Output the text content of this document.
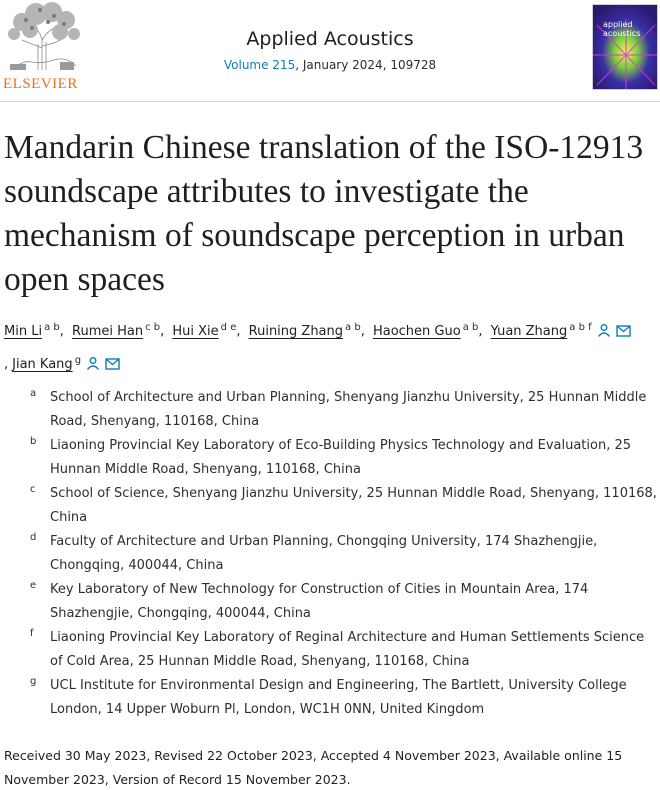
ELSEVIER
Applied Acoustics
Volume 215, January 2024, 109728
applied
acoustics
Mandarin Chinese translation of the ISO-12913 soundscape attributes to investigate the mechanism of soundscape perception in urban open spaces
Min Li $^{a b}$, Rumei Han $^{c b}$, Hui Xie $^{d e}$, Ruining Zhang $^{a b}$, Haochen Guo $^{a b}$, Yuan Zhang $^{a b f}$
, Jian Kang $^g$
a School of Architecture and Urban Planning, Shenyang Jianzhu University, 25 Hunnan Middle Road, Shenyang, 110168, China
b Liaoning Provincial Key Laboratory of Eco-Building Physics Technology and Evaluation, 25 Hunnan Middle Road, Shenyang, 110168, China
c School of Science, Shenyang Jianzhu University, 25 Hunnan Middle Road, Shenyang, 110168, China
d Faculty of Architecture and Urban Planning, Chongqing University, 174 Shazhengjie, Chongqing, 400044, China
e Key Laboratory of New Technology for Construction of Cities in Mountain Area, 174 Shazhengjie, Chongqing, 400044, China
f Liaoning Provincial Key Laboratory of Reginal Architecture and Human Settlements Science of Cold Area, 25 Hunnan Middle Road, Shenyang, 110168, China
g UCL Institute for Environmental Design and Engineering, The Bartlett, University College London, 14 Upper Woburn Pl, London, WC1H 0NN, United Kingdom
Received 30 May 2023, Revised 22 October 2023, Accepted 4 November 2023, Available online 15 November 2023, Version of Record 15 November 2023.
